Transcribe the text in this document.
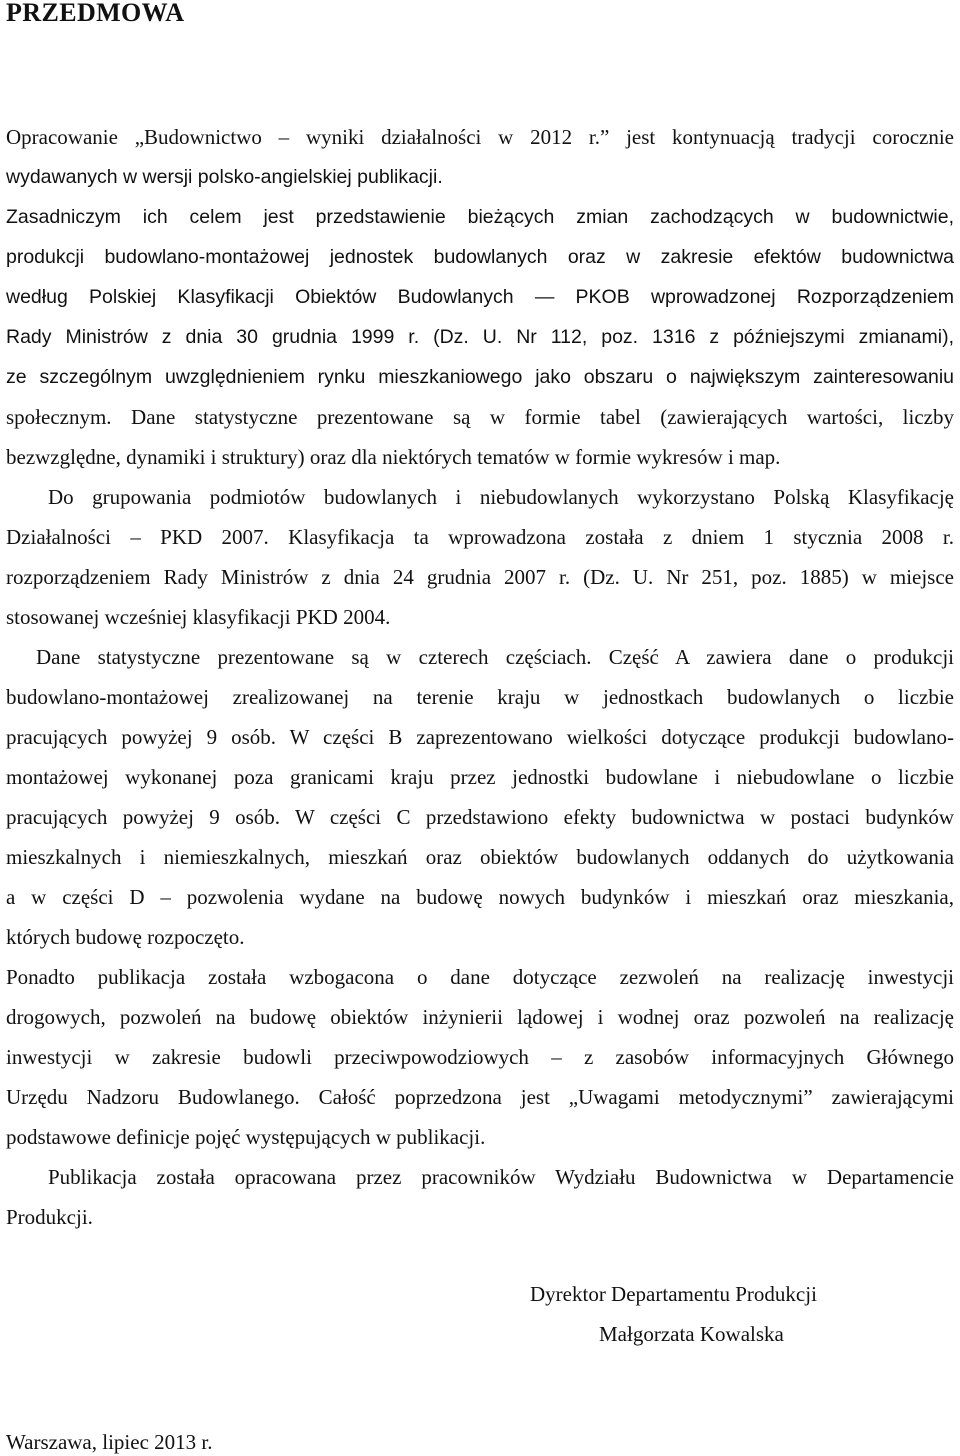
PRZEDMOWA

Opracowanie „Budownictwo – wyniki działalności w 2012 r.” jest kontynuacją tradycji corocznie

wydawanych w wersji polsko-angielskiej publikacji.

Zasadniczym ich celem jest przedstawienie bieżących zmian zachodzących w budownictwie,

produkcji budowlano-montażowej jednostek budowlanych oraz w zakresie efektów budownictwa

według Polskiej Klasyfikacji Obiektów Budowlanych — PKOB wprowadzonej Rozporządzeniem

Rady Ministrów z dnia 30 grudnia 1999 r. (Dz. U. Nr 112, poz. 1316 z późniejszymi zmianami),

ze szczególnym uwzględnieniem rynku mieszkaniowego jako obszaru o największym zainteresowaniu

społecznym. Dane statystyczne prezentowane są w formie tabel (zawierających wartości, liczby

bezwzględne, dynamiki i struktury) oraz dla niektórych tematów w formie wykresów i map.

Do grupowania podmiotów budowlanych i niebudowlanych wykorzystano Polską Klasyfikację

Działalności – PKD 2007. Klasyfikacja ta wprowadzona została z dniem 1 stycznia 2008 r.

rozporządzeniem Rady Ministrów z dnia 24 grudnia 2007 r. (Dz. U. Nr 251, poz. 1885) w miejsce

stosowanej wcześniej klasyfikacji PKD 2004.

Dane statystyczne prezentowane są w czterech częściach. Część A zawiera dane o produkcji

budowlano-montażowej zrealizowanej na terenie kraju w jednostkach budowlanych o liczbie

pracujących powyżej 9 osób. W części B zaprezentowano wielkości dotyczące produkcji budowlano-

montażowej wykonanej poza granicami kraju przez jednostki budowlane i niebudowlane o liczbie

pracujących powyżej 9 osób. W części C przedstawiono efekty budownictwa w postaci budynków

mieszkalnych i niemieszkalnych, mieszkań oraz obiektów budowlanych oddanych do użytkowania

a w części D – pozwolenia wydane na budowę nowych budynków i mieszkań oraz mieszkania,

których budowę rozpoczęto.

Ponadto publikacja została wzbogacona o dane dotyczące zezwoleń na realizację inwestycji

drogowych, pozwoleń na budowę obiektów inżynierii lądowej i wodnej oraz pozwoleń na realizację

inwestycji w zakresie budowli przeciwpowodziowych – z zasobów informacyjnych Głównego

Urzędu Nadzoru Budowlanego. Całość poprzedzona jest „Uwagami metodycznymi” zawierającymi

podstawowe definicje pojęć występujących w publikacji.

Publikacja została opracowana przez pracowników Wydziału Budownictwa w Departamencie

Produkcji.

Dyrektor Departamentu Produkcji

Małgorzata Kowalska

Warszawa, lipiec 2013 r.
